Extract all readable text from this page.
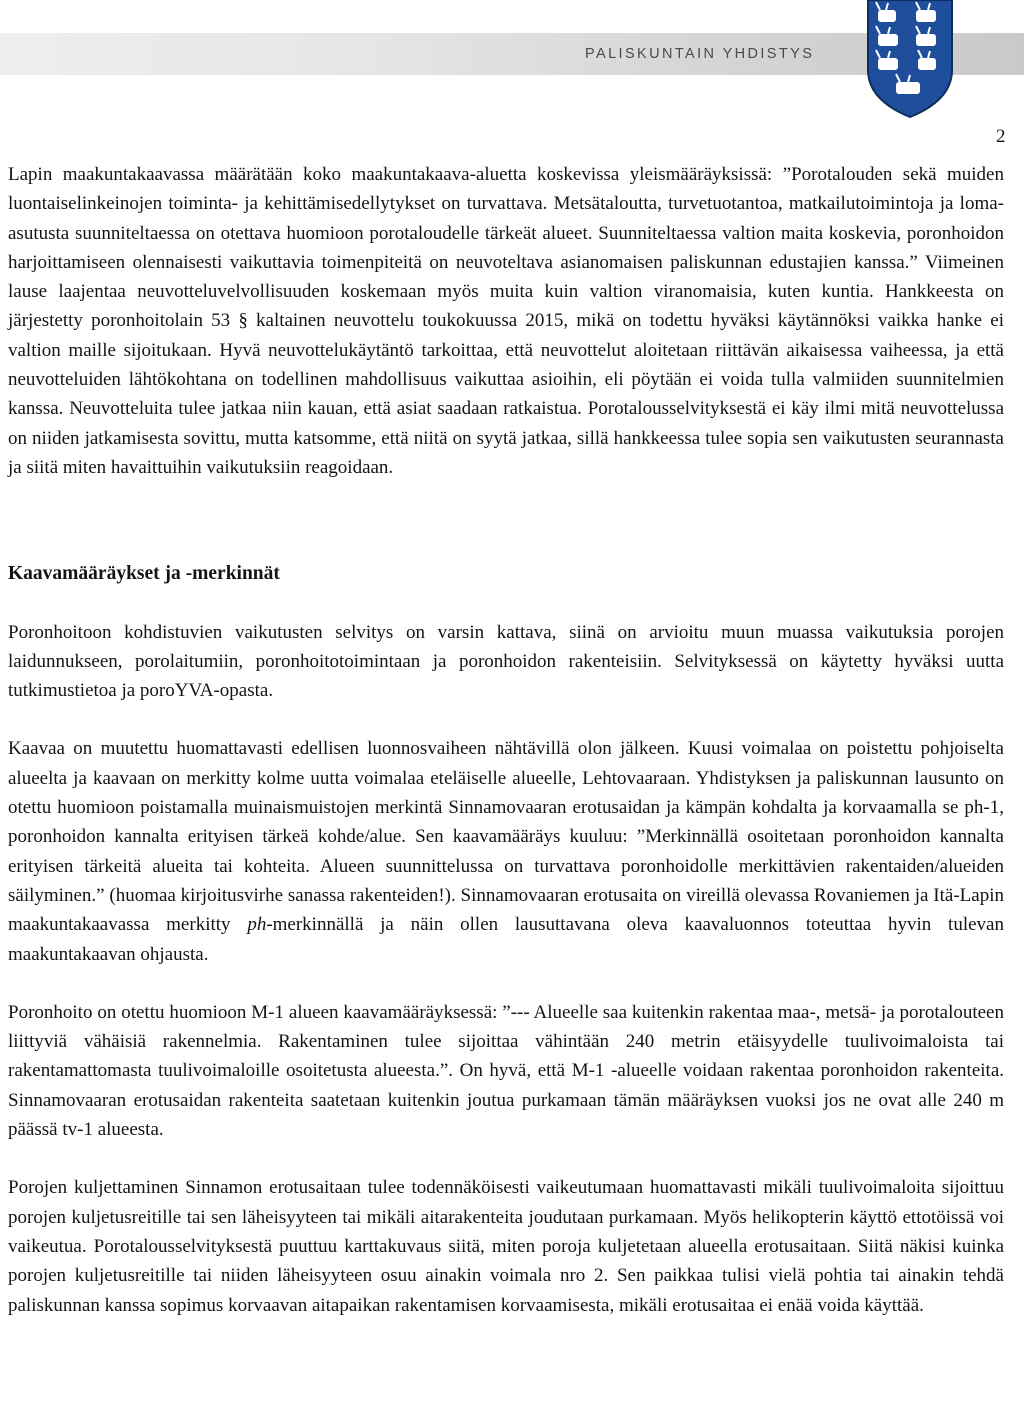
PALISKUNTAIN YHDISTYS
2

Lapin maakuntakaavassa määrätään koko maakuntakaava-aluetta koskevissa yleismääräyksissä: ”Porotalouden sekä muiden luontaiselinkeinojen toiminta- ja kehittämisedellytykset on turvattava. Metsätaloutta, turvetuotantoa, matkailutoimintoja ja loma-asutusta suunniteltaessa on otettava huomioon porotaloudelle tärkeät alueet. Suunniteltaessa valtion maita koskevia, poronhoidon harjoittamiseen olennaisesti vaikuttavia toimenpiteitä on neuvoteltava asianomaisen paliskunnan edustajien kanssa.” Viimeinen lause laajentaa neuvotteluvelvollisuuden koskemaan myös muita kuin valtion viranomaisia, kuten kuntia. Hankkeesta on järjestetty poronhoitolain 53 § kaltainen neuvottelu toukokuussa 2015, mikä on todettu hyväksi käytännöksi vaikka hanke ei valtion maille sijoitukaan. Hyvä neuvottelukäytäntö tarkoittaa, että neuvottelut aloitetaan riittävän aikaisessa vaiheessa, ja että neuvotteluiden lähtökohtana on todellinen mahdollisuus vaikuttaa asioihin, eli pöytään ei voida tulla valmiiden suunnitelmien kanssa. Neuvotteluita tulee jatkaa niin kauan, että asiat saadaan ratkaistua. Porotalousselvityksestä ei käy ilmi mitä neuvottelussa on niiden jatkamisesta sovittu, mutta katsomme, että niitä on syytä jatkaa, sillä hankkeessa tulee sopia sen vaikutusten seurannasta ja siitä miten havaittuihin vaikutuksiin reagoidaan.

Kaavamääräykset ja -merkinnät

Poronhoitoon kohdistuvien vaikutusten selvitys on varsin kattava, siinä on arvioitu muun muassa vaikutuksia porojen laidunnukseen, porolaitumiin, poronhoitotoimintaan ja poronhoidon rakenteisiin. Selvityksessä on käytetty hyväksi uutta tutkimustietoa ja poroYVA-opasta.

Kaavaa on muutettu huomattavasti edellisen luonnosvaiheen nähtävillä olon jälkeen. Kuusi voimalaa on poistettu pohjoiselta alueelta ja kaavaan on merkitty kolme uutta voimalaa eteläiselle alueelle, Lehtovaaraan. Yhdistyksen ja paliskunnan lausunto on otettu huomioon poistamalla muinaismuistojen merkintä Sinnamovaaran erotusaidan ja kämpän kohdalta ja korvaamalla se ph-1, poronhoidon kannalta erityisen tärkeä kohde/alue. Sen kaavamääräys kuuluu: ”Merkinnällä osoitetaan poronhoidon kannalta erityisen tärkeitä alueita tai kohteita. Alueen suunnittelussa on turvattava poronhoidolle merkittävien rakentaiden/alueiden säilyminen.” (huomaa kirjoitusvirhe sanassa rakenteiden!). Sinnamovaaran erotusaita on vireillä olevassa Rovaniemen ja Itä-Lapin maakuntakaavassa merkitty ph-merkinnällä ja näin ollen lausuttavana oleva kaavaluonnos toteuttaa hyvin tulevan maakuntakaavan ohjausta.

Poronhoito on otettu huomioon M-1 alueen kaavamääräyksessä: ”--- Alueelle saa kuitenkin rakentaa maa-, metsä- ja porotalouteen liittyviä vähäisiä rakennelmia. Rakentaminen tulee sijoittaa vähintään 240 metrin etäisyydelle tuulivoimaloista tai rakentamattomasta tuulivoimaloille osoitetusta alueesta.”. On hyvä, että M-1 -alueelle voidaan rakentaa poronhoidon rakenteita. Sinnamovaaran erotusaidan rakenteita saatetaan kuitenkin joutua purkamaan tämän määräyksen vuoksi jos ne ovat alle 240 m päässä tv-1 alueesta.

Porojen kuljettaminen Sinnamon erotusaitaan tulee todennäköisesti vaikeutumaan huomattavasti mikäli tuulivoimaloita sijoittuu porojen kuljetusreitille tai sen läheisyyteen tai mikäli aitarakenteita joudutaan purkamaan. Myös helikopterin käyttö ettotöissä voi vaikeutua. Porotalousselvityksestä puuttuu karttakuvaus siitä, miten poroja kuljetetaan alueella erotusaitaan. Siitä näkisi kuinka porojen kuljetusreitille tai niiden läheisyyteen osuu ainakin voimala nro 2. Sen paikkaa tulisi vielä pohtia tai ainakin tehdä paliskunnan kanssa sopimus korvaavan aitapaikan rakentamisen korvaamisesta, mikäli erotusaitaa ei enää voida käyttää.
